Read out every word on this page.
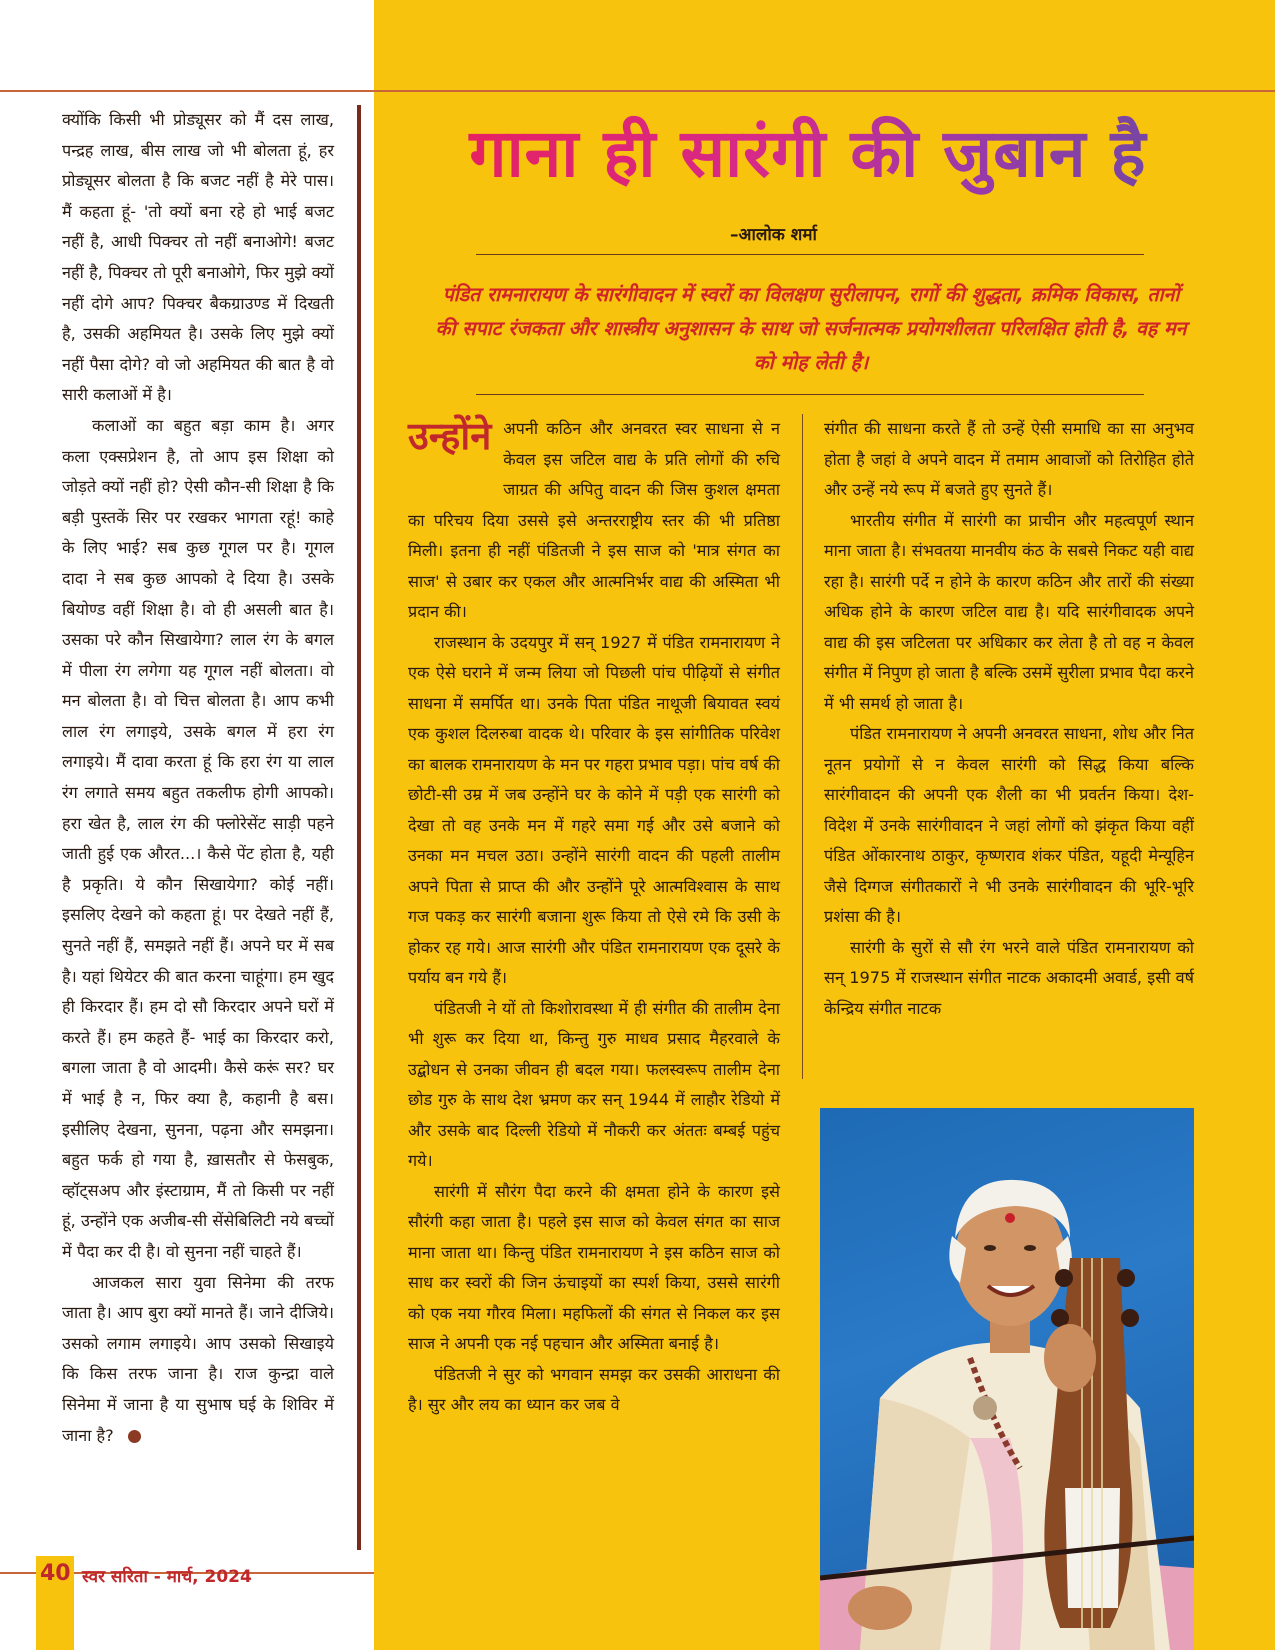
क्योंकि किसी भी प्रोड्यूसर को मैं दस लाख, पन्द्रह लाख, बीस लाख जो भी बोलता हूं, हर प्रोड्यूसर बोलता है कि बजट नहीं है मेरे पास। मैं कहता हूं- 'तो क्यों बना रहे हो भाई बजट नहीं है, आधी पिक्चर तो नहीं बनाओगे! बजट नहीं है, पिक्चर तो पूरी बनाओगे, फिर मुझे क्यों नहीं दोगे आप? पिक्चर बैकग्राउण्ड में दिखती है, उसकी अहमियत है। उसके लिए मुझे क्यों नहीं पैसा दोगे? वो जो अहमियत की बात है वो सारी कलाओं में है।

कलाओं का बहुत बड़ा काम है। अगर कला एक्सप्रेशन है, तो आप इस शिक्षा को जोड़ते क्यों नहीं हो? ऐसी कौन-सी शिक्षा है कि बड़ी पुस्तकें सिर पर रखकर भागता रहूं! काहे के लिए भाई? सब कुछ गूगल पर है। गूगल दादा ने सब कुछ आपको दे दिया है। उसके बियोण्ड वहीं शिक्षा है। वो ही असली बात है। उसका परे कौन सिखायेगा? लाल रंग के बगल में पीला रंग लगेगा यह गूगल नहीं बोलता। वो मन बोलता है। वो चित्त बोलता है। आप कभी लाल रंग लगाइये, उसके बगल में हरा रंग लगाइये। मैं दावा करता हूं कि हरा रंग या लाल रंग लगाते समय बहुत तकलीफ होगी आपको। हरा खेत है, लाल रंग की फ्लोरेसेंट साड़ी पहने जाती हुई एक औरत...। कैसे पेंट होता है, यही है प्रकृति। ये कौन सिखायेगा? कोई नहीं। इसलिए देखने को कहता हूं। पर देखते नहीं हैं, सुनते नहीं हैं, समझते नहीं हैं। अपने घर में सब है। यहां थियेटर की बात करना चाहूंगा। हम खुद ही किरदार हैं। हम दो सौ किरदार अपने घरों में करते हैं। हम कहते हैं- भाई का किरदार करो, बगला जाता है वो आदमी। कैसे करूं सर? घर में भाई है न, फिर क्या है, कहानी है बस। इसीलिए देखना, सुनना, पढ़ना और समझना। बहुत फर्क हो गया है, ख़ासतौर से फेसबुक, व्हॉट्सअप और इंस्टाग्राम, मैं तो किसी पर नहीं हूं, उन्होंने एक अजीब-सी सेंसेबिलिटी नये बच्चों में पैदा कर दी है। वो सुनना नहीं चाहते हैं।

आजकल सारा युवा सिनेमा की तरफ जाता है। आप बुरा क्यों मानते हैं। जाने दीजिये। उसको लगाम लगाइये। आप उसको सिखाइये कि किस तरफ जाना है। राज कुन्द्रा वाले सिनेमा में जाना है या सुभाष घई के शिविर में जाना है?

गाना ही सारंगी की जुबान है
–आलोक शर्मा
पंडित रामनारायण के सारंगीवादन में स्वरों का विलक्षण सुरीलापन, रागों की शुद्धता, क्रमिक विकास, तानों की सपाट रंजकता और शास्त्रीय अनुशासन के साथ जो सर्जनात्मक प्रयोगशीलता परिलक्षित होती है, वह मन को मोह लेती है।

उन्होंने अपनी कठिन और अनवरत स्वर साधना से न केवल इस जटिल वाद्य के प्रति लोगों की रुचि जाग्रत की अपितु वादन की जिस कुशल क्षमता का परिचय दिया उससे इसे अन्तरराष्ट्रीय स्तर की भी प्रतिष्ठा मिली। इतना ही नहीं पंडितजी ने इस साज को 'मात्र संगत का साज' से उबार कर एकल और आत्मनिर्भर वाद्य की अस्मिता भी प्रदान की।

राजस्थान के उदयपुर में सन् 1927 में पंडित रामनारायण ने एक ऐसे घराने में जन्म लिया जो पिछली पांच पीढ़ियों से संगीत साधना में समर्पित था। उनके पिता पंडित नाथूजी बियावत स्वयं एक कुशल दिलरुबा वादक थे। परिवार के इस सांगीतिक परिवेश का बालक रामनारायण के मन पर गहरा प्रभाव पड़ा। पांच वर्ष की छोटी-सी उम्र में जब उन्होंने घर के कोने में पड़ी एक सारंगी को देखा तो वह उनके मन में गहरे समा गई और उसे बजाने को उनका मन मचल उठा। उन्होंने सारंगी वादन की पहली तालीम अपने पिता से प्राप्त की और उन्होंने पूरे आत्मविश्वास के साथ गज पकड़ कर सारंगी बजाना शुरू किया तो ऐसे रमे कि उसी के होकर रह गये। आज सारंगी और पंडित रामनारायण एक दूसरे के पर्याय बन गये हैं।

पंडितजी ने यों तो किशोरावस्था में ही संगीत की तालीम देना भी शुरू कर दिया था, किन्तु गुरु माधव प्रसाद मैहरवाले के उद्बोधन से उनका जीवन ही बदल गया। फलस्वरूप तालीम देना छोड गुरु के साथ देश भ्रमण कर सन् 1944 में लाहौर रेडियो में और उसके बाद दिल्ली रेडियो में नौकरी कर अंततः बम्बई पहुंच गये।

सारंगी में सौरंग पैदा करने की क्षमता होने के कारण इसे सौरंगी कहा जाता है। पहले इस साज को केवल संगत का साज माना जाता था। किन्तु पंडित रामनारायण ने इस कठिन साज को साध कर स्वरों की जिन ऊंचाइयों का स्पर्श किया, उससे सारंगी को एक नया गौरव मिला। महफिलों की संगत से निकल कर इस साज ने अपनी एक नई पहचान और अस्मिता बनाई है।

पंडितजी ने सुर को भगवान समझ कर उसकी आराधना की है। सुर और लय का ध्यान कर जब वे

संगीत की साधना करते हैं तो उन्हें ऐसी समाधि का सा अनुभव होता है जहां वे अपने वादन में तमाम आवाजों को तिरोहित होते और उन्हें नये रूप में बजते हुए सुनते हैं।

भारतीय संगीत में सारंगी का प्राचीन और महत्वपूर्ण स्थान माना जाता है। संभवतया मानवीय कंठ के सबसे निकट यही वाद्य रहा है। सारंगी पर्दे न होने के कारण कठिन और तारों की संख्या अधिक होने के कारण जटिल वाद्य है। यदि सारंगीवादक अपने वाद्य की इस जटिलता पर अधिकार कर लेता है तो वह न केवल संगीत में निपुण हो जाता है बल्कि उसमें सुरीला प्रभाव पैदा करने में भी समर्थ हो जाता है।

पंडित रामनारायण ने अपनी अनवरत साधना, शोध और नित नूतन प्रयोगों से न केवल सारंगी को सिद्ध किया बल्कि सारंगीवादन की अपनी एक शैली का भी प्रवर्तन किया। देश-विदेश में उनके सारंगीवादन ने जहां लोगों को झंकृत किया वहीं पंडित ओंकारनाथ ठाकुर, कृष्णराव शंकर पंडित, यहूदी मेन्यूहिन जैसे दिग्गज संगीतकारों ने भी उनके सारंगीवादन की भूरि-भूरि प्रशंसा की है।

सारंगी के सुरों से सौ रंग भरने वाले पंडित रामनारायण को सन् 1975 में राजस्थान संगीत नाटक अकादमी अवार्ड, इसी वर्ष केन्द्रिय संगीत नाटक

40 स्वर सरिता - मार्च, 2024
